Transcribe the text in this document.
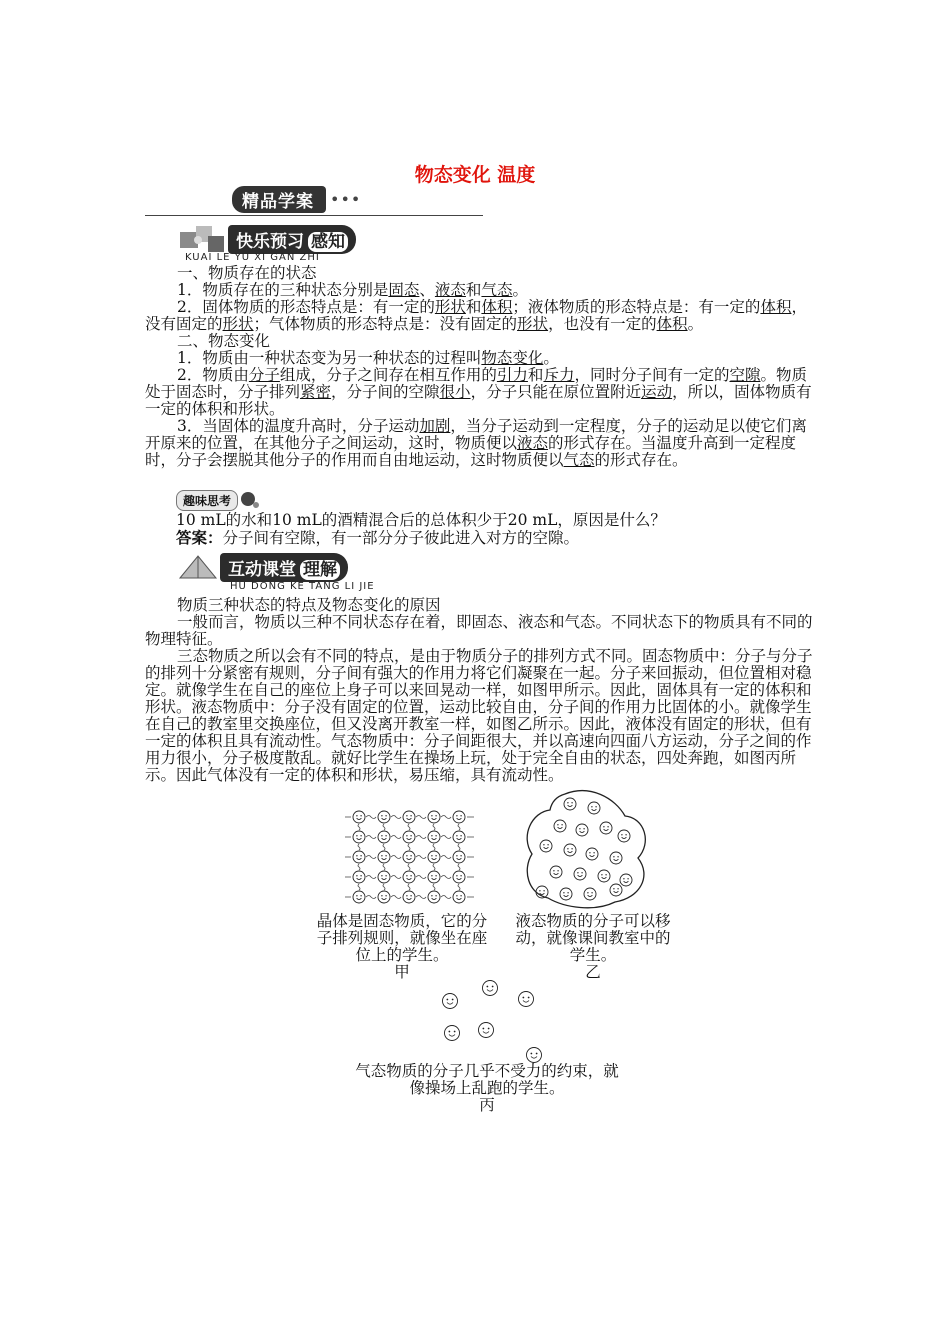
物态变化 温度
精品学案	•••
快乐预习 感知
KUAI LE YU XI GAN ZHI
一、物质存在的状态
1．物质存在的三种状态分别是固态、液态和气态。
2．固体物质的形态特点是：有一定的形状和体积；液体物质的形态特点是：有一定的体积，没有固定的形状；气体物质的形态特点是：没有固定的形状，也没有一定的体积。
二、物态变化
1．物质由一种状态变为另一种状态的过程叫物态变化。
2．物质由分子组成，分子之间存在相互作用的引力和斥力，同时分子间有一定的空隙。物质处于固态时，分子排列紧密，分子间的空隙很小，分子只能在原位置附近运动，所以，固体物质有一定的体积和形状。
3．当固体的温度升高时，分子运动加剧，当分子运动到一定程度，分子的运动足以使它们离开原来的位置，在其他分子之间运动，这时，物质便以液态的形式存在。当温度升高到一定程度时，分子会摆脱其他分子的作用而自由地运动，这时物质便以气态的形式存在。
趣味思考
10 mL的水和10 mL的酒精混合后的总体积少于20 mL，原因是什么？
答案：分子间有空隙，有一部分分子彼此进入对方的空隙。
互动课堂 理解
HU DONG KE TANG LI JIE
物质三种状态的特点及物态变化的原因
一般而言，物质以三种不同状态存在着，即固态、液态和气态。不同状态下的物质具有不同的物理特征。
三态物质之所以会有不同的特点，是由于物质分子的排列方式不同。固态物质中：分子与分子的排列十分紧密有规则，分子间有强大的作用力将它们凝聚在一起。分子来回振动，但位置相对稳定。就像学生在自己的座位上身子可以来回晃动一样，如图甲所示。因此，固体具有一定的体积和形状。液态物质中：分子没有固定的位置，运动比较自由，分子间的作用力比固体的小。就像学生在自己的教室里交换座位，但又没离开教室一样，如图乙所示。因此，液体没有固定的形状，但有一定的体积且具有流动性。气态物质中：分子间距很大，并以高速向四面八方运动，分子之间的作用力很小，分子极度散乱。就好比学生在操场上玩，处于完全自由的状态，四处奔跑，如图丙所示。因此气体没有一定的体积和形状，易压缩，具有流动性。
晶体是固态物质，它的分子排列规则，就像坐在座位上的学生。
甲
液态物质的分子可以移动，就像课间教室中的学生。
乙
气态物质的分子几乎不受力的约束，就像操场上乱跑的学生。
丙
